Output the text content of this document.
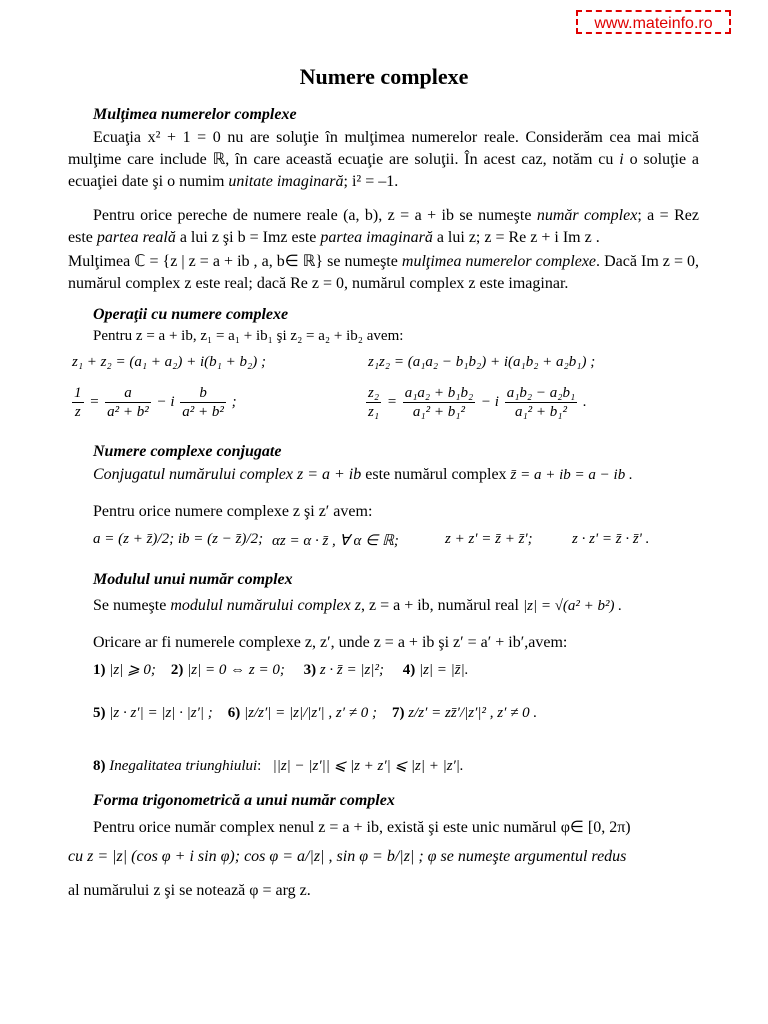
www.mateinfo.ro
Numere complexe
Mulţimea numerelor complexe
Ecuaţia x² + 1 = 0 nu are soluţie în mulţimea numerelor reale. Considerăm cea mai mică mulţime care include ℝ, în care această ecuaţie are soluţii. În acest caz, notăm cu i o soluţie a ecuaţiei date şi o numim unitate imaginară; i² = –1.
Pentru orice pereche de numere reale (a, b), z = a + ib se numeşte număr complex; a = Rez este partea reală a lui z şi b = Imz este partea imaginară a lui z; z = Re z + i Im z .
Mulţimea ℂ = {z | z = a + ib , a, b∈ ℝ} se numeşte mulţimea numerelor complexe. Dacă Im z = 0, numărul complex z este real; dacă Re z = 0, numărul complex z este imaginar.
Operaţii cu numere complexe
Pentru z = a + ib, z₁ = a₁ + ib₁ şi z₂ = a₂ + ib₂ avem:
z₁ + z₂ = (a₁ + a₂) + i(b₁ + b₂) ;	z₁z₂ = (a₁a₂ − b₁b₂) + i(a₁b₂ + a₂b₁) ;
$\frac{1}{z} = \frac{a}{\text{a² + b²}} - i \frac{b}{\text{a² + b²}}$ ;	$\frac{\text{z₂}}{\text{z₁}} = \frac{\text{a₁a₂ + b₁b₂}}{\text{a₁² + b₁²}} - i \frac{\text{a₁b₂ − a₂b₁}}{\text{a₁² + b₁²}}$ .
Numere complexe conjugate
Conjugatul numărului complex z = a + ib este numărul complex z̄ = a + ib = a − ib .
Pentru orice numere complexe z şi z′ avem:
a = (z + z̄)/2; ib = (z − z̄)/2; αz = α · z̄ , ∀ α ∈ ℝ;	z + z' = z̄ + z̄';	z · z' = z̄ · z̄' .
Modulul unui număr complex
Se numeşte modulul numărului complex z, z = a + ib, numărul real |z| = √(a² + b²) .
Oricare ar fi numerele complexe z, z′, unde z = a + ib şi z′ = a′ + ib′,avem:
1) |z| ⩾ 0; 2) |z| = 0 ⇔ z = 0; 3) z · z̄ = |z|²; 4) |z| = |z̄|.
5) |z · z′| = |z| · |z′| ; 6) |z/z′| = |z|/|z′| , z′ ≠ 0 ; 7) z/z′ = zz̄′/|z′|² , z′ ≠ 0 .
8) Inegalitatea triunghiului:   ||z| − |z′|| ⩽ |z + z′| ⩽ |z| + |z′|.
Forma trigonometrică a unui număr complex
Pentru orice număr complex nenul z = a + ib, există şi este unic numărul φ∈ [0, 2π)
cu z = |z| (cos φ + i sin φ); cos φ = a/|z| , sin φ = b/|z| ; φ se numeşte argumentul redus
al numărului z şi se notează φ = arg z.
